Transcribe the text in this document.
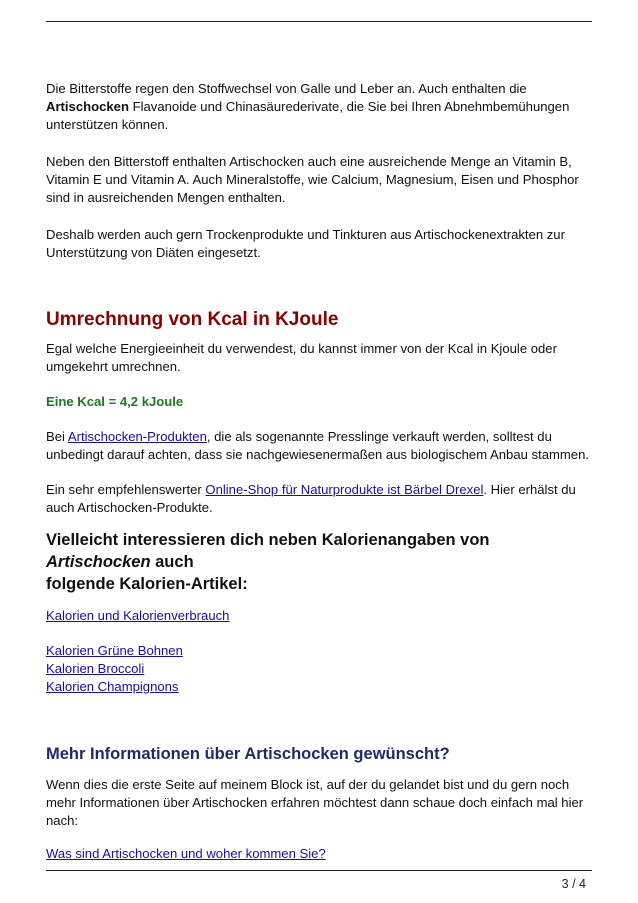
Die Bitterstoffe regen den Stoffwechsel von Galle und Leber an. Auch enthalten die
Artischocken Flavanoide und Chinasäurederivate, die Sie bei Ihren Abnehmbemühungen
unterstützen können.

Neben den Bitterstoff enthalten Artischocken auch eine ausreichende Menge an Vitamin B,
Vitamin E und Vitamin A. Auch Mineralstoffe, wie Calcium, Magnesium, Eisen und Phosphor
sind in ausreichenden Mengen enthalten.

Deshalb werden auch gern Trockenprodukte und Tinkturen aus Artischockenextrakten zur
Unterstützung von Diäten eingesetzt.

Umrechnung von Kcal in KJoule

Egal welche Energieeinheit du verwendest, du kannst immer von der Kcal in Kjoule oder
umgekehrt umrechnen.

Eine Kcal = 4,2 kJoule

Bei Artischocken-Produkten, die als sogenannte Presslinge verkauft werden, solltest du
unbedingt darauf achten, dass sie nachgewiesenermaßen aus biologischem Anbau stammen.

Ein sehr empfehlenswerter Online-Shop für Naturprodukte ist Bärbel Drexel. Hier erhälst du
auch Artischocken-Produkte.

Vielleicht interessieren dich neben Kalorienangaben von Artischocken auch
folgende Kalorien-Artikel:

Kalorien und Kalorienverbrauch

Kalorien Grüne Bohnen
Kalorien Broccoli
Kalorien Champignons

Mehr Informationen über Artischocken gewünscht?

Wenn dies die erste Seite auf meinem Block ist, auf der du gelandet bist und du gern noch
mehr Informationen über Artischocken erfahren möchtest dann schaue doch einfach mal hier
nach:

Was sind Artischocken und woher kommen Sie?

3 / 4
